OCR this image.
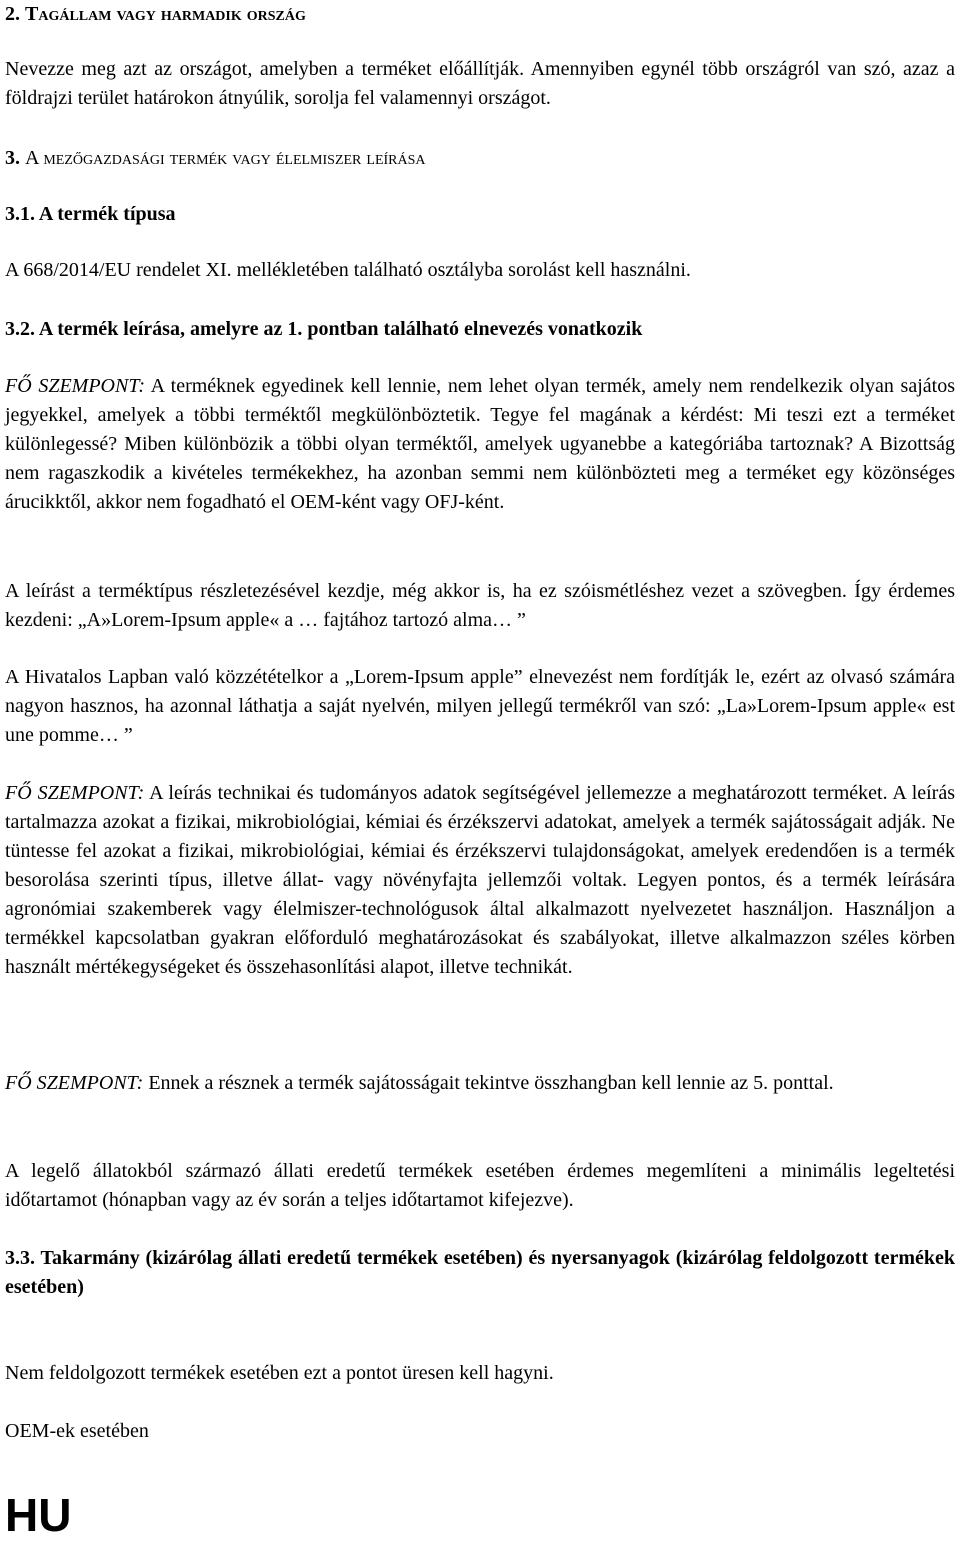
2. Tagállam vagy harmadik ország

Nevezze meg azt az országot, amelyben a terméket előállítják. Amennyiben egynél több országról van szó, azaz a földrajzi terület határokon átnyúlik, sorolja fel valamennyi országot.

3. A mezőgazdasági termék vagy élelmiszer leírása
3.1. A termék típusa

A 668/2014/EU rendelet XI. mellékletében található osztályba sorolást kell használni.

3.2. A termék leírása, amelyre az 1. pontban található elnevezés vonatkozik

FŐ SZEMPONT: A terméknek egyedinek kell lennie, nem lehet olyan termék, amely nem rendelkezik olyan sajátos jegyekkel, amelyek a többi terméktől megkülönböztetik. Tegye fel magának a kérdést: Mi teszi ezt a terméket különlegessé? Miben különbözik a többi olyan terméktől, amelyek ugyanebbe a kategóriába tartoznak? A Bizottság nem ragaszkodik a kivételes termékekhez, ha azonban semmi nem különbözteti meg a terméket egy közönséges árucikktől, akkor nem fogadható el OEM-ként vagy OFJ-ként.

A leírást a terméktípus részletezésével kezdje, még akkor is, ha ez szóismétléshez vezet a szövegben. Így érdemes kezdeni: „A»Lorem-Ipsum apple« a … fajtához tartozó alma… ”

A Hivatalos Lapban való közzétételkor a „Lorem-Ipsum apple” elnevezést nem fordítják le, ezért az olvasó számára nagyon hasznos, ha azonnal láthatja a saját nyelvén, milyen jellegű termékről van szó: „La»Lorem-Ipsum apple« est une pomme… ”

FŐ SZEMPONT: A leírás technikai és tudományos adatok segítségével jellemezze a meghatározott terméket. A leírás tartalmazza azokat a fizikai, mikrobiológiai, kémiai és érzékszervi adatokat, amelyek a termék sajátosságait adják. Ne tüntesse fel azokat a fizikai, mikrobiológiai, kémiai és érzékszervi tulajdonságokat, amelyek eredendően is a termék besorolása szerinti típus, illetve állat- vagy növényfajta jellemzői voltak. Legyen pontos, és a termék leírására agronómiai szakemberek vagy élelmiszer-technológusok által alkalmazott nyelvezetet használjon. Használjon a termékkel kapcsolatban gyakran előforduló meghatározásokat és szabályokat, illetve alkalmazzon széles körben használt mértékegységeket és összehasonlítási alapot, illetve technikát.

FŐ SZEMPONT: Ennek a résznek a termék sajátosságait tekintve összhangban kell lennie az 5. ponttal.

A legelő állatokból származó állati eredetű termékek esetében érdemes megemlíteni a minimális legeltetési időtartamot (hónapban vagy az év során a teljes időtartamot kifejezve).

3.3. Takarmány (kizárólag állati eredetű termékek esetében) és nyersanyagok (kizárólag feldolgozott termékek esetében)

Nem feldolgozott termékek esetében ezt a pontot üresen kell hagyni.

OEM-ek esetében

HU
